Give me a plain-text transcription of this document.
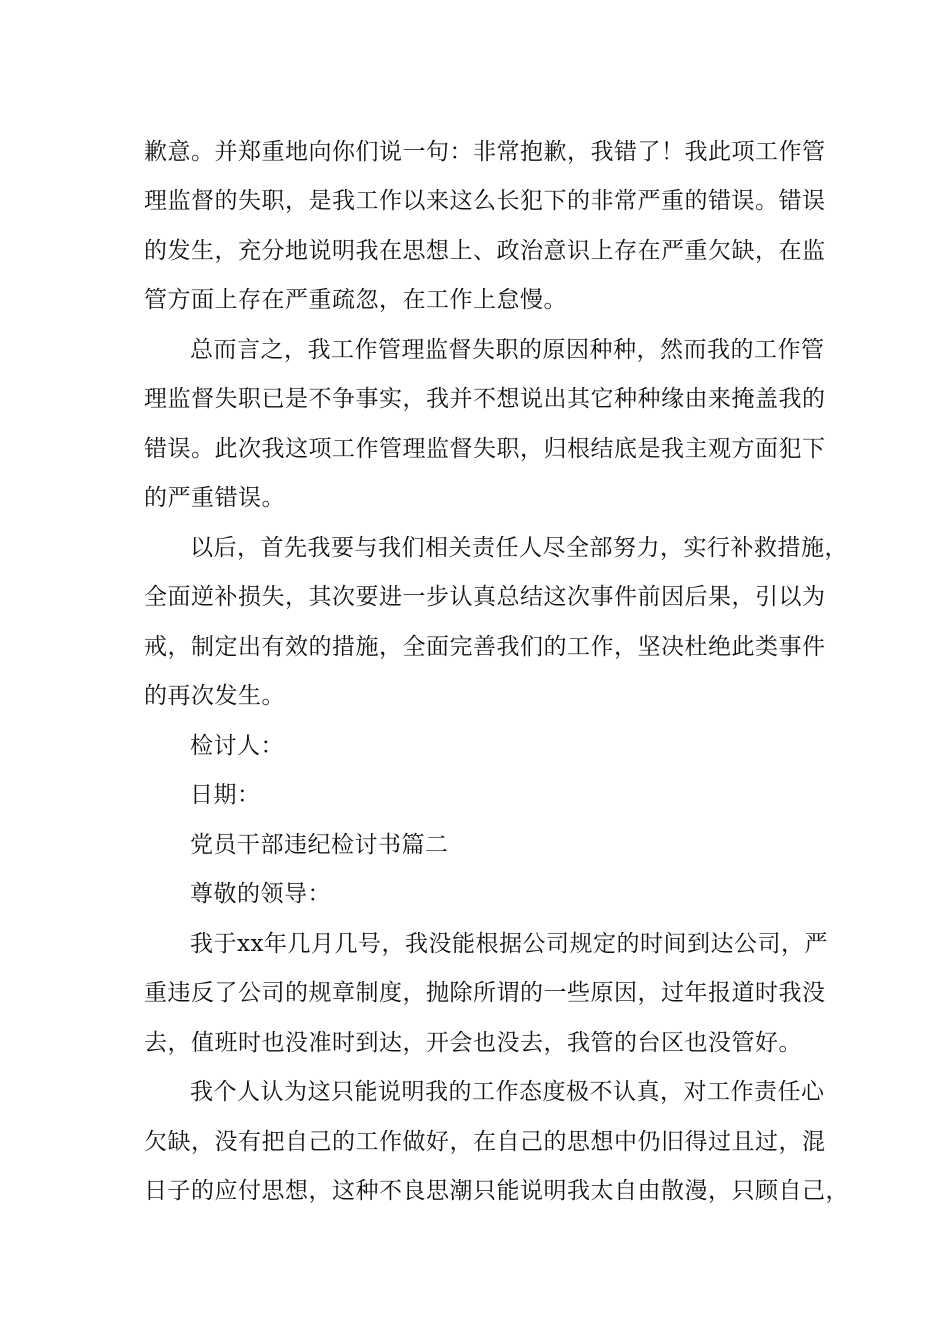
歉意。并郑重地向你们说一句：非常抱歉，我错了！我此项工作管
理监督的失职，是我工作以来这么长犯下的非常严重的错误。错误
的发生，充分地说明我在思想上、政治意识上存在严重欠缺，在监
管方面上存在严重疏忽，在工作上怠慢。
总而言之，我工作管理监督失职的原因种种，然而我的工作管
理监督失职已是不争事实，我并不想说出其它种种缘由来掩盖我的
错误。此次我这项工作管理监督失职，归根结底是我主观方面犯下
的严重错误。
以后，首先我要与我们相关责任人尽全部努力，实行补救措施，
全面逆补损失，其次要进一步认真总结这次事件前因后果，引以为
戒，制定出有效的措施，全面完善我们的工作，坚决杜绝此类事件
的再次发生。
检讨人：
日期：
党员干部违纪检讨书篇二
尊敬的领导：
我于xx年几月几号，我没能根据公司规定的时间到达公司，严
重违反了公司的规章制度，抛除所谓的一些原因，过年报道时我没
去，值班时也没准时到达，开会也没去，我管的台区也没管好。
我个人认为这只能说明我的工作态度极不认真，对工作责任心
欠缺，没有把自己的工作做好，在自己的思想中仍旧得过且过，混
日子的应付思想，这种不良思潮只能说明我太自由散漫，只顾自己，
